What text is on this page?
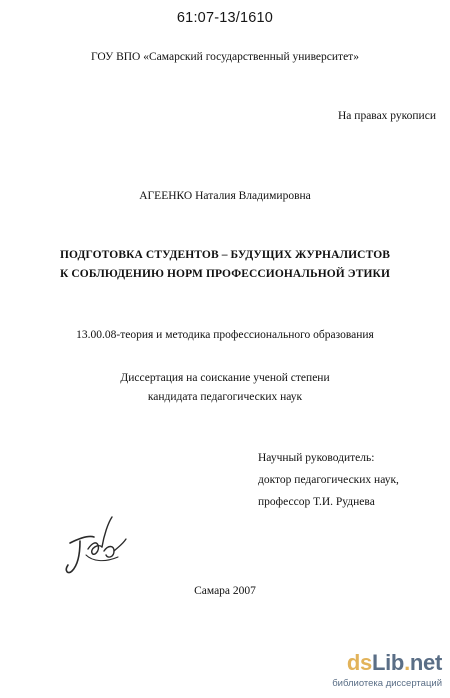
61:07-13/1610
ГОУ ВПО «Самарский государственный университет»
На правах рукописи
АГЕЕНКО Наталия Владимировна
ПОДГОТОВКА СТУДЕНТОВ – БУДУЩИХ ЖУРНАЛИСТОВ
К СОБЛЮДЕНИЮ НОРМ ПРОФЕССИОНАЛЬНОЙ ЭТИКИ
13.00.08-теория и методика профессионального образования
Диссертация на соискание ученой степени
кандидата педагогических наук
Научный руководитель:
доктор педагогических наук,
профессор Т.И. Руднева
Самара 2007
dsLib.net
библиотека диссертаций
